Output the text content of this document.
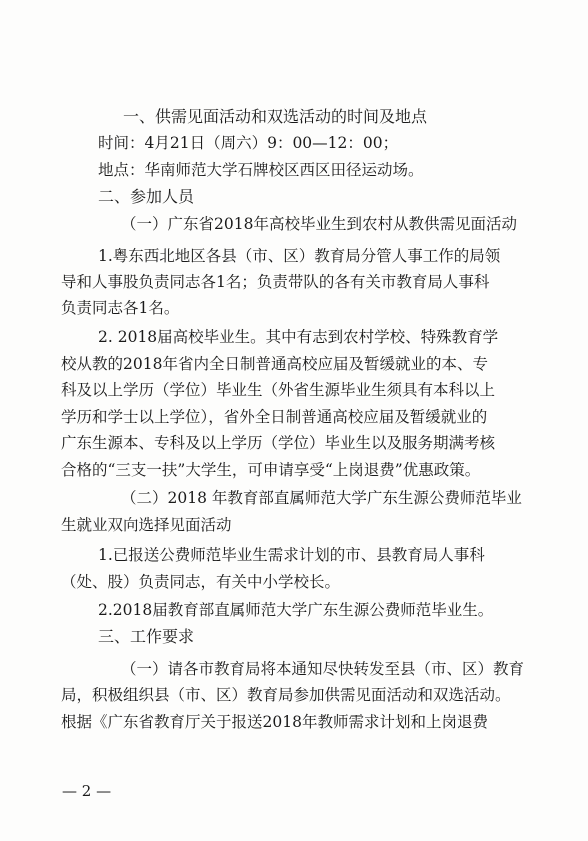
一、供需见面活动和双选活动的时间及地点
时间：4月21日（周六）9：00—12：00；
地点：华南师范大学石牌校区西区田径运动场。
二、参加人员
（一）广东省2018年高校毕业生到农村从教供需见面活动
1.粤东西北地区各县（市、区）教育局分管人事工作的局领
导和人事股负责同志各1名；负责带队的各有关市教育局人事科
负责同志各1名。
2. 2018届高校毕业生。其中有志到农村学校、特殊教育学
校从教的2018年省内全日制普通高校应届及暂缓就业的本、专
科及以上学历（学位）毕业生（外省生源毕业生须具有本科以上
学历和学士以上学位），省外全日制普通高校应届及暂缓就业的
广东生源本、专科及以上学历（学位）毕业生以及服务期满考核
合格的“三支一扶”大学生，可申请享受“上岗退费”优惠政策。
（二）2018 年教育部直属师范大学广东生源公费师范毕业
生就业双向选择见面活动
1.已报送公费师范毕业生需求计划的市、县教育局人事科
（处、股）负责同志，有关中小学校长。
2.2018届教育部直属师范大学广东生源公费师范毕业生。
三、工作要求
（一）请各市教育局将本通知尽快转发至县（市、区）教育
局，积极组织县（市、区）教育局参加供需见面活动和双选活动。
根据《广东省教育厅关于报送2018年教师需求计划和上岗退费
— 2 —
